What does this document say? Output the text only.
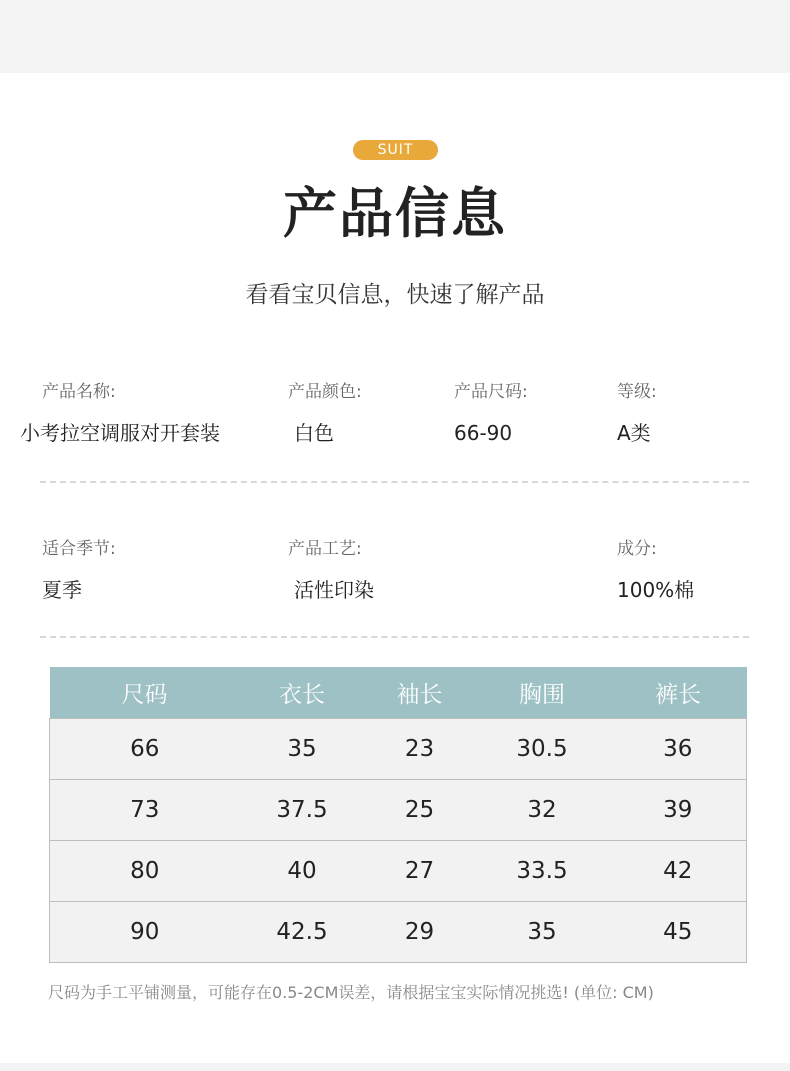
SUIT
产品信息
看看宝贝信息，快速了解产品
产品名称:
小考拉空调服对开套装
产品颜色:
白色
产品尺码:
66-90
等级:
A类
适合季节:
夏季
产品工艺:
活性印染
成分:
100%棉
尺码	衣长	袖长	胸围	裤长
66	35	23	30.5	36
73	37.5	25	32	39
80	40	27	33.5	42
90	42.5	29	35	45
尺码为手工平铺测量，可能存在0.5-2CM误差，请根据宝宝实际情况挑选! (单位: CM)
